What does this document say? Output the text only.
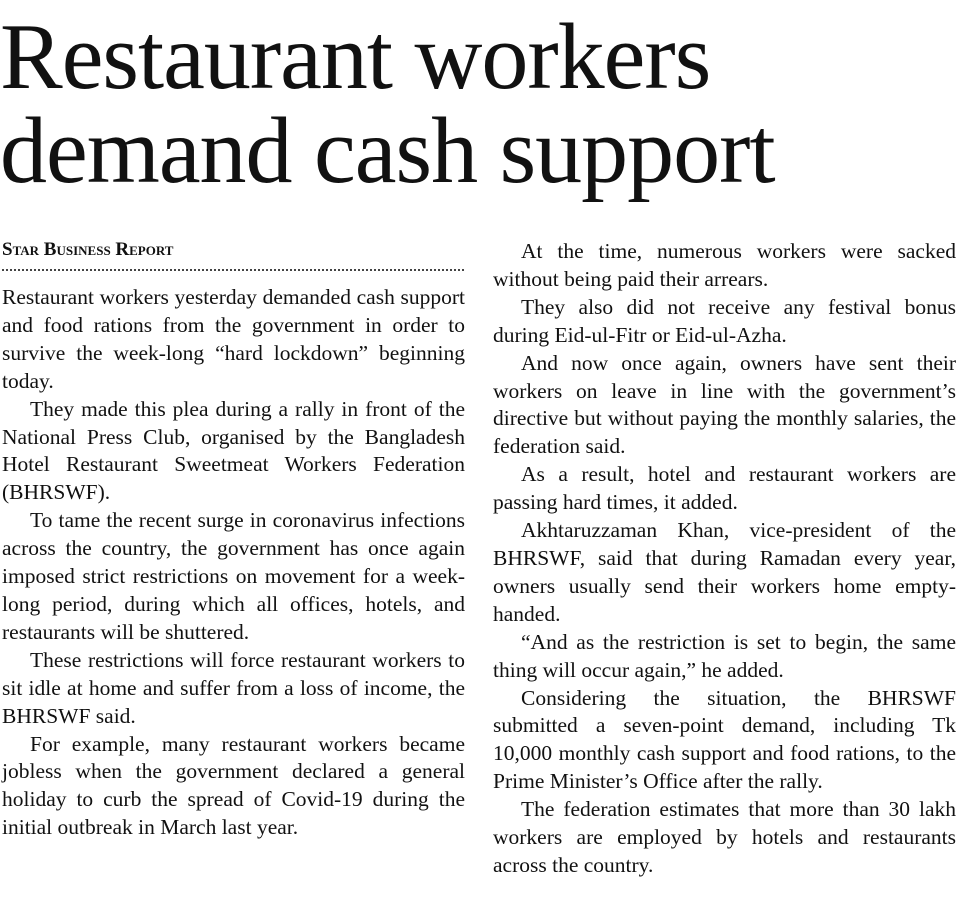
Restaurant workers
demand cash support
Star Business Report

Restaurant workers yesterday demanded cash support and food rations from the government in order to survive the week-long “hard lockdown” beginning today.

They made this plea during a rally in front of the National Press Club, organised by the Bangladesh Hotel Restaurant Sweetmeat Workers Federation (BHRSWF).

To tame the recent surge in coronavirus infections across the country, the government has once again imposed strict restrictions on movement for a week-long period, during which all offices, hotels, and restaurants will be shuttered.

These restrictions will force restaurant workers to sit idle at home and suffer from a loss of income, the BHRSWF said.

For example, many restaurant workers became jobless when the government declared a general holiday to curb the spread of Covid-19 during the initial outbreak in March last year.

At the time, numerous workers were sacked without being paid their arrears.

They also did not receive any festival bonus during Eid-ul-Fitr or Eid-ul-Azha.

And now once again, owners have sent their workers on leave in line with the government’s directive but without paying the monthly salaries, the federation said.

As a result, hotel and restaurant workers are passing hard times, it added.

Akhtaruzzaman Khan, vice-president of the BHRSWF, said that during Ramadan every year, owners usually send their workers home empty-handed.

“And as the restriction is set to begin, the same thing will occur again,” he added.

Considering the situation, the BHRSWF submitted a seven-point demand, including Tk 10,000 monthly cash support and food rations, to the Prime Minister’s Office after the rally.

The federation estimates that more than 30 lakh workers are employed by hotels and restaurants across the country.
